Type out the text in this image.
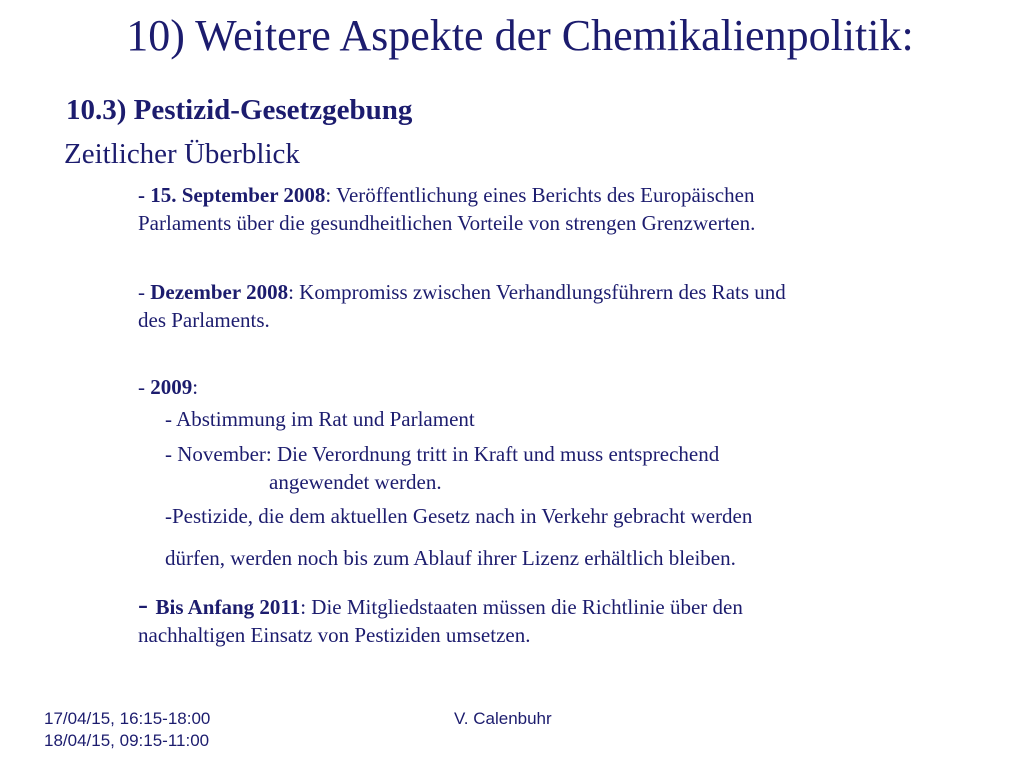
10) Weitere Aspekte der Chemikalienpolitik:
10.3) Pestizid-Gesetzgebung
Zeitlicher Überblick
- 15. September 2008: Veröffentlichung eines Berichts des Europäischen
Parlaments über die gesundheitlichen Vorteile von strengen Grenzwerten.
- Dezember 2008: Kompromiss zwischen Verhandlungsführern des Rats und
des Parlaments.
- 2009:
- Abstimmung im Rat und Parlament
- November: Die Verordnung tritt in Kraft und muss entsprechend
angewendet werden.
-Pestizide, die dem aktuellen Gesetz nach in Verkehr gebracht werden
dürfen, werden noch bis zum Ablauf ihrer Lizenz erhältlich bleiben.
- Bis Anfang 2011: Die Mitgliedstaaten müssen die Richtlinie über den
nachhaltigen Einsatz von Pestiziden umsetzen.
17/04/15, 16:15-18:00
18/04/15, 09:15-11:00
V. Calenbuhr
